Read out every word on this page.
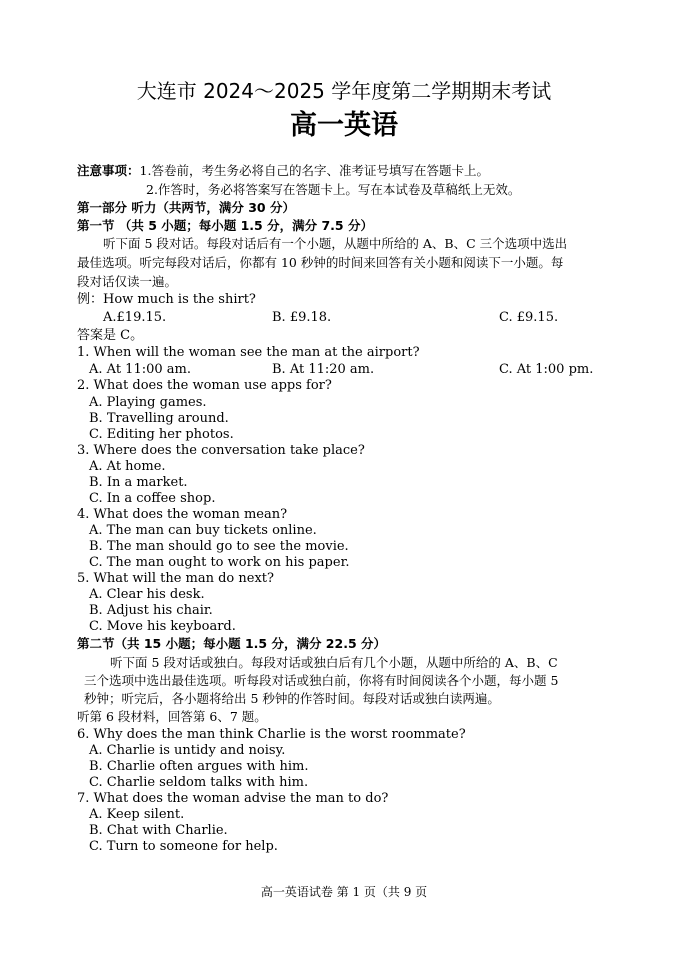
大连市 2024～2025 学年度第二学期期末考试
高一英语
注意事项：1.答卷前，考生务必将自己的名字、准考证号填写在答题卡上。
2.作答时，务必将答案写在答题卡上。写在本试卷及草稿纸上无效。
第一部分 听力（共两节，满分 30 分）
第一节 （共 5 小题；每小题 1.5 分，满分 7.5 分）
听下面 5 段对话。每段对话后有一个小题，从题中所给的 A、B、C 三个选项中选出
最佳选项。听完每段对话后，你都有 10 秒钟的时间来回答有关小题和阅读下一小题。每
段对话仅读一遍。
例：How much is the shirt?
A.£19.15.	B. £9.18.	C. £9.15.
答案是 C。
1. When will the woman see the man at the airport?
A. At 11:00 am.	B. At 11:20 am.	C. At 1:00 pm.
2. What does the woman use apps for?
A. Playing games.
B. Travelling around.
C. Editing her photos.
3. Where does the conversation take place?
A. At home.
B. In a market.
C. In a coffee shop.
4. What does the woman mean?
A. The man can buy tickets online.
B. The man should go to see the movie.
C. The man ought to work on his paper.
5. What will the man do next?
A. Clear his desk.
B. Adjust his chair.
C. Move his keyboard.
第二节（共 15 小题；每小题 1.5 分，满分 22.5 分）
听下面 5 段对话或独白。每段对话或独白后有几个小题，从题中所给的 A、B、C
三个选项中选出最佳选项。听每段对话或独白前，你将有时间阅读各个小题，每小题 5
秒钟；听完后，各小题将给出 5 秒钟的作答时间。每段对话或独白读两遍。
听第 6 段材料，回答第 6、7 题。
6. Why does the man think Charlie is the worst roommate?
A. Charlie is untidy and noisy.
B. Charlie often argues with him.
C. Charlie seldom talks with him.
7. What does the woman advise the man to do?
A. Keep silent.
B. Chat with Charlie.
C. Turn to someone for help.
高一英语试卷 第 1 页（共 9 页
